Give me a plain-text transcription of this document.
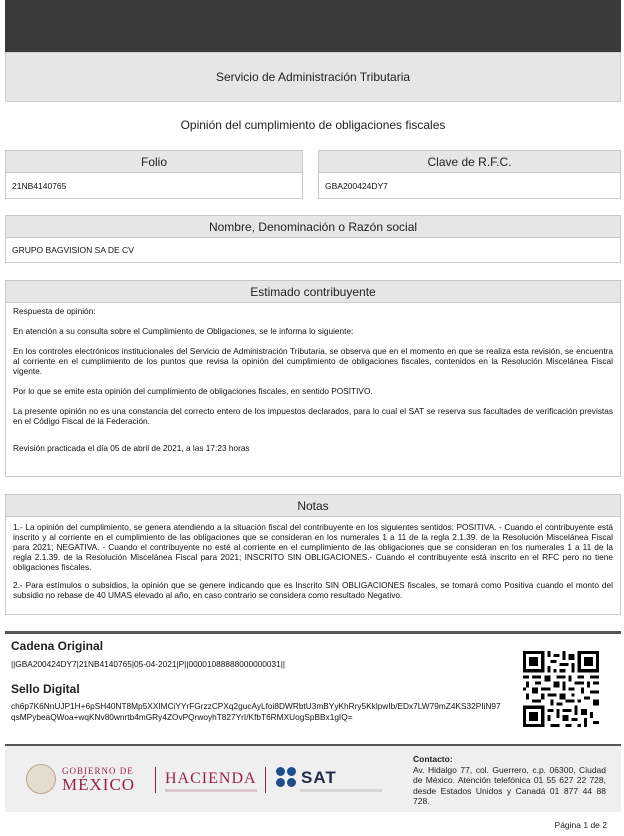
Servicio de Administración Tributaria
Opinión del cumplimiento de obligaciones fiscales
Folio
21NB4140765
Clave de R.F.C.
GBA200424DY7
Nombre, Denominación o Razón social
GRUPO BAGVISION SA DE CV
Estimado contribuyente

Respuesta de opinión:

En atención a su consulta sobre el Cumplimiento de Obligaciones, se le informa lo siguiente:

En los controles electrónicos institucionales del Servicio de Administración Tributaria, se observa que en el momento en que se realiza esta revisión, se encuentra al corriente en el cumplimiento de los puntos que revisa la opinión del cumplimiento de obligaciones fiscales, contenidos en la Resolución Miscelánea Fiscal vigente.

Por lo que se emite esta opinión del cumplimiento de obligaciones fiscales, en sentido POSITIVO.

La presente opinión no es una constancia del correcto entero de los impuestos declarados, para lo cual el SAT se reserva sus facultades de verificación previstas en el Código Fiscal de la Federación.

Revisión practicada el día 05 de abril de 2021, a las 17:23 horas

Notas

1.- La opinión del cumplimiento, se genera atendiendo a la situación fiscal del contribuyente en los siguientes sentidos: POSITIVA. - Cuando el contribuyente está inscrito y al corriente en el cumplimiento de las obligaciones que se consideran en los numerales 1 a 11 de la regla 2.1.39. de la Resolución Miscelánea Fiscal para 2021; NEGATIVA. - Cuando el contribuyente no esté al corriente en el cumplimiento de las obligaciones que se consideran en los numerales 1 a 11 de la regla 2.1.39. de la Resolución Miscelánea Fiscal para 2021; INSCRITO SIN OBLIGACIONES.- Cuando el contribuyente está inscrito en el RFC pero no tiene obligaciones fiscales.

2.- Para estímulos o subsidios, la opinión que se genere indicando que es Inscrito SIN OBLIGACIONES fiscales, se tomará como Positiva cuando el monto del subsidio no rebase de 40 UMAS elevado al año, en caso contrario se considera como resultado Negativo.

Cadena Original
||GBA200424DY7|21NB4140765|05-04-2021|P||00001088888000000031||
Sello Digital
ch6p7K6NnUJP1H+6pSH40NT8Mp5XXIMCiYYrFGrzzCPXq2gucAyLfoi8DWRbtU3mBYyKhRry5KklpwIb/EDx7LW79mZ4KS32PIiN97qsMPybeaQWoa+wqKNv80wnrtb4mGRy4ZOvPQrwoyhT827YrI/KfbT6RMXUogSpBBx1gIQ=
GOBIERNO DE
MÉXICO HACIENDA	SAT
Contacto:
Av. Hidalgo 77, col. Guerrero, c.p. 06300, Ciudad de México. Atención telefónica 01 55 627 22 728, desde Estados Unidos y Canadá 01 877 44 88 728.
Página 1 de 2
